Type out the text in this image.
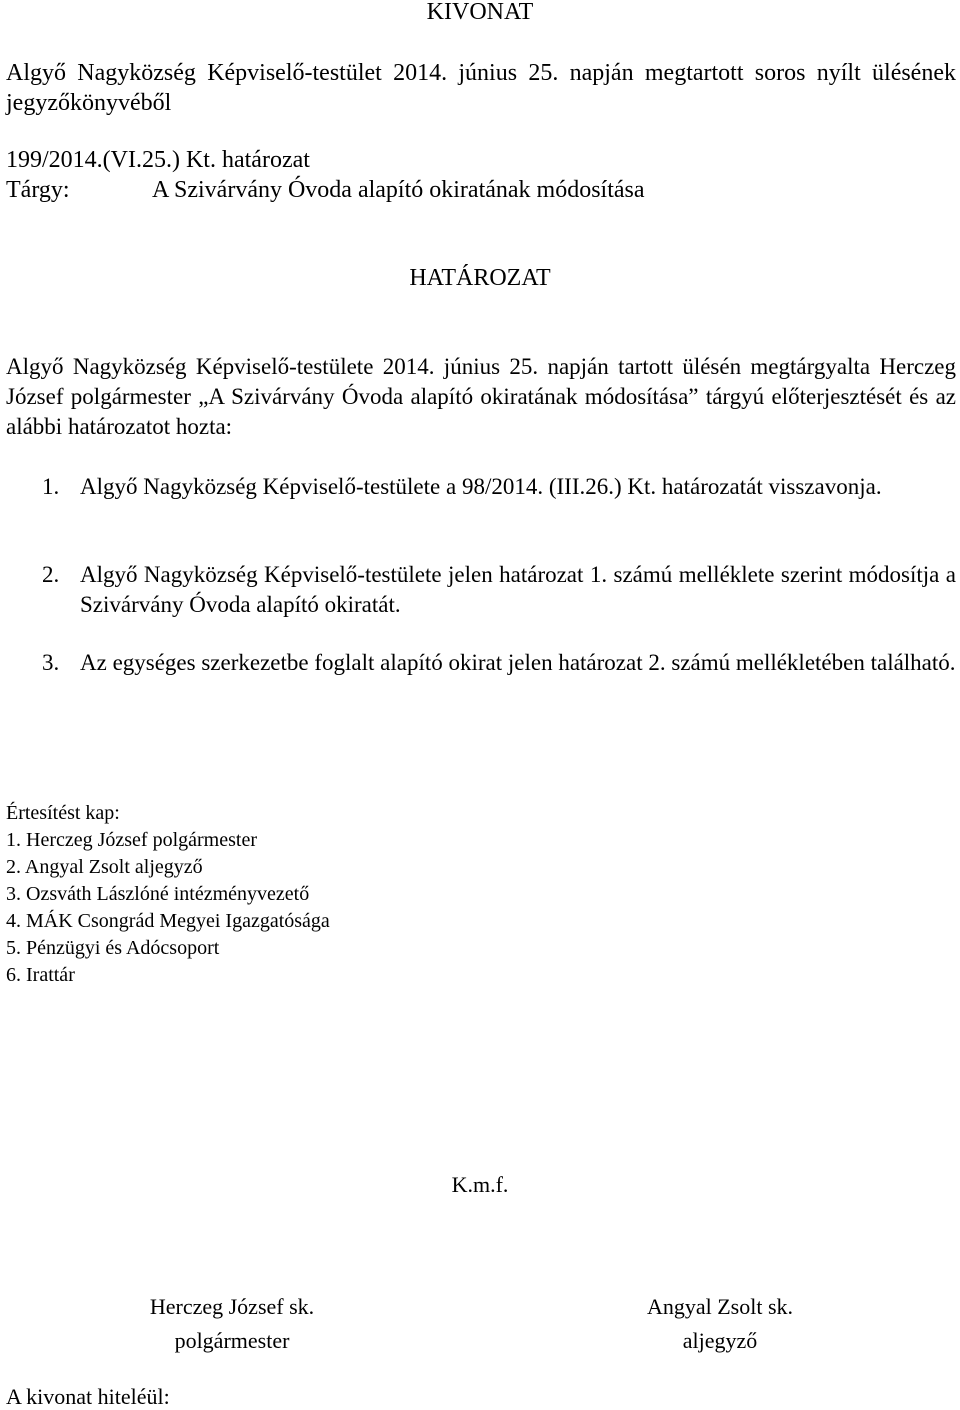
KIVONAT
Algyő Nagyközség Képviselő-testület 2014. június 25. napján megtartott soros nyílt ülésének jegyzőkönyvéből
199/2014.(VI.25.) Kt. határozat
Tárgy:	A Szivárvány Óvoda alapító okiratának módosítása
HATÁROZAT
Algyő Nagyközség Képviselő-testülete 2014. június 25. napján tartott ülésén megtárgyalta Herczeg József polgármester „A Szivárvány Óvoda alapító okiratának módosítása” tárgyú előterjesztését és az alábbi határozatot hozta:
1. Algyő Nagyközség Képviselő-testülete a 98/2014. (III.26.) Kt. határozatát visszavonja.
2. Algyő Nagyközség Képviselő-testülete jelen határozat 1. számú melléklete szerint módosítja a Szivárvány Óvoda alapító okiratát.
3. Az egységes szerkezetbe foglalt alapító okirat jelen határozat 2. számú mellékletében található.
Értesítést kap:
1. Herczeg József polgármester
2. Angyal Zsolt aljegyző
3. Ozsváth Lászlóné intézményvezető
4. MÁK Csongrád Megyei Igazgatósága
5. Pénzügyi és Adócsoport
6. Irattár
K.m.f.
Herczeg József sk.
polgármester
Angyal Zsolt sk.
aljegyző
A kivonat hiteléül:
